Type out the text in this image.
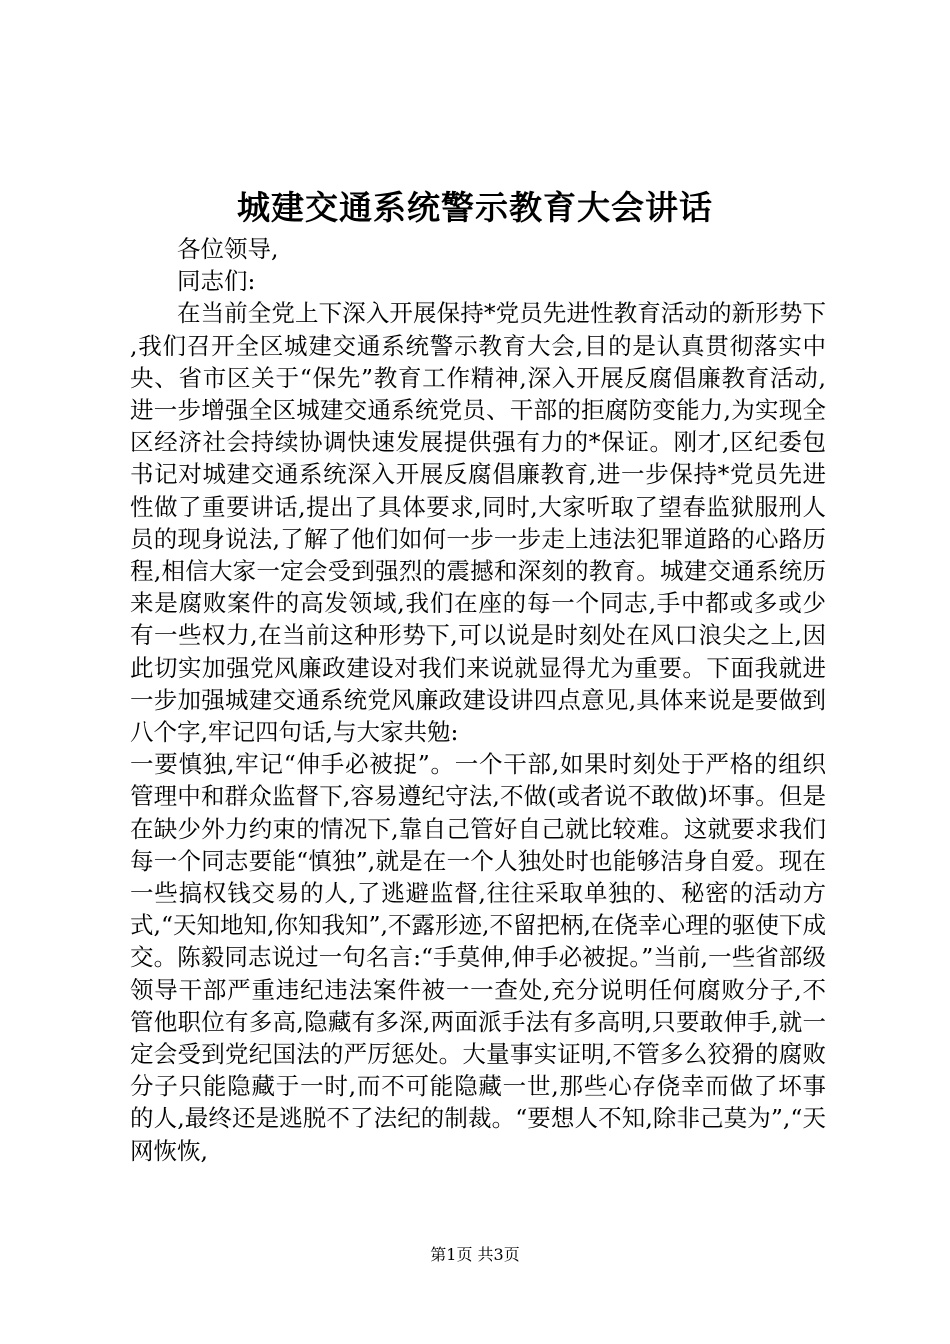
城建交通系统警示教育大会讲话

各位领导,

同志们:

在当前全党上下深入开展保持*党员先进性教育活动的新形势下,我们召开全区城建交通系统警示教育大会,目的是认真贯彻落实中央、省市区关于“保先”教育工作精神,深入开展反腐倡廉教育活动,进一步增强全区城建交通系统党员、干部的拒腐防变能力,为实现全区经济社会持续协调快速发展提供强有力的*保证。刚才,区纪委包书记对城建交通系统深入开展反腐倡廉教育,进一步保持*党员先进性做了重要讲话,提出了具体要求,同时,大家听取了望春监狱服刑人员的现身说法,了解了他们如何一步一步走上违法犯罪道路的心路历程,相信大家一定会受到强烈的震撼和深刻的教育。城建交通系统历来是腐败案件的高发领域,我们在座的每一个同志,手中都或多或少有一些权力,在当前这种形势下,可以说是时刻处在风口浪尖之上,因此切实加强党风廉政建设对我们来说就显得尤为重要。下面我就进一步加强城建交通系统党风廉政建设讲四点意见,具体来说是要做到八个字,牢记四句话,与大家共勉:

一要慎独,牢记“伸手必被捉”。一个干部,如果时刻处于严格的组织管理中和群众监督下,容易遵纪守法,不做(或者说不敢做)坏事。但是在缺少外力约束的情况下,靠自己管好自己就比较难。这就要求我们每一个同志要能“慎独”,就是在一个人独处时也能够洁身自爱。现在一些搞权钱交易的人,了逃避监督,往往采取单独的、秘密的活动方式,“天知地知,你知我知”,不露形迹,不留把柄,在侥幸心理的驱使下成交。陈毅同志说过一句名言:“手莫伸,伸手必被捉。”当前,一些省部级领导干部严重违纪违法案件被一一查处,充分说明任何腐败分子,不管他职位有多高,隐藏有多深,两面派手法有多高明,只要敢伸手,就一定会受到党纪国法的严厉惩处。大量事实证明,不管多么狡猾的腐败分子只能隐藏于一时,而不可能隐藏一世,那些心存侥幸而做了坏事的人,最终还是逃脱不了法纪的制裁。“要想人不知,除非己莫为”,“天网恢恢,

第1页 共3页
